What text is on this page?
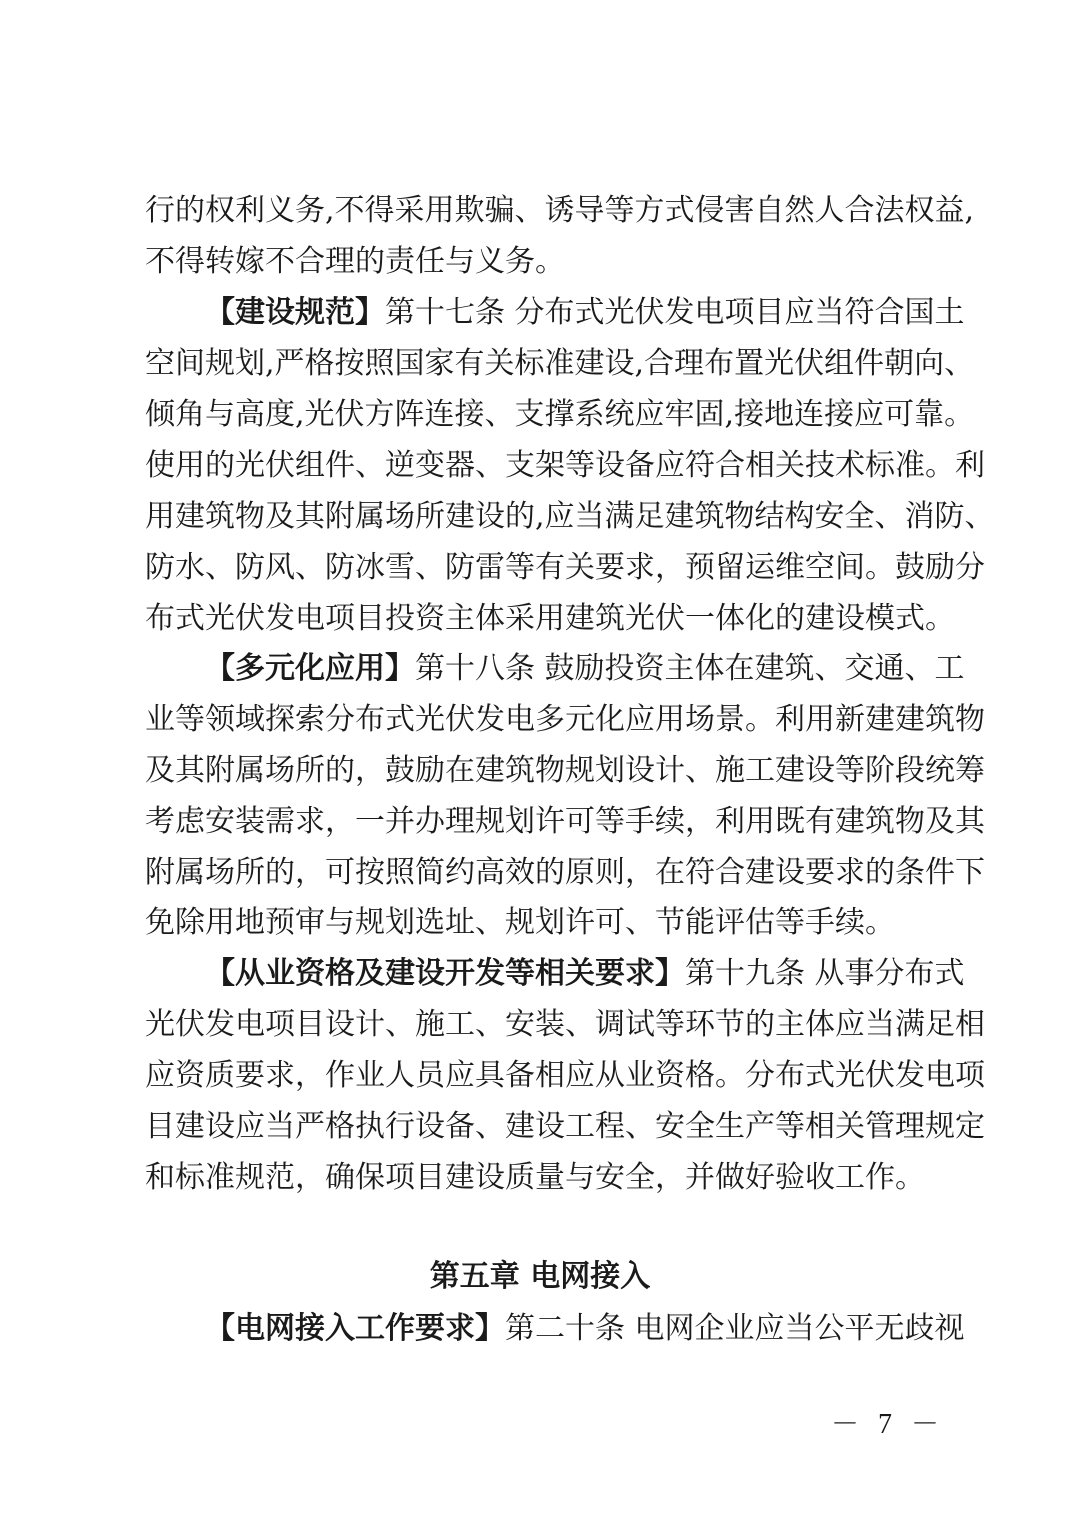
行的权利义务,不得采用欺骗、诱导等方式侵害自然人合法权益,
不得转嫁不合理的责任与义务。
【建设规范】第十七条 分布式光伏发电项目应当符合国土
空间规划,严格按照国家有关标准建设,合理布置光伏组件朝向、
倾角与高度,光伏方阵连接、支撑系统应牢固,接地连接应可靠。
使用的光伏组件、逆变器、支架等设备应符合相关技术标准。利
用建筑物及其附属场所建设的,应当满足建筑物结构安全、消防、
防水、防风、防冰雪、防雷等有关要求，预留运维空间。鼓励分
布式光伏发电项目投资主体采用建筑光伏一体化的建设模式。
【多元化应用】第十八条 鼓励投资主体在建筑、交通、工
业等领域探索分布式光伏发电多元化应用场景。利用新建建筑物
及其附属场所的，鼓励在建筑物规划设计、施工建设等阶段统筹
考虑安装需求，一并办理规划许可等手续，利用既有建筑物及其
附属场所的，可按照简约高效的原则，在符合建设要求的条件下
免除用地预审与规划选址、规划许可、节能评估等手续。
【从业资格及建设开发等相关要求】第十九条 从事分布式
光伏发电项目设计、施工、安装、调试等环节的主体应当满足相
应资质要求，作业人员应具备相应从业资格。分布式光伏发电项
目建设应当严格执行设备、建设工程、安全生产等相关管理规定
和标准规范，确保项目建设质量与安全，并做好验收工作。
第五章 电网接入
【电网接入工作要求】第二十条 电网企业应当公平无歧视
－ 7 －
